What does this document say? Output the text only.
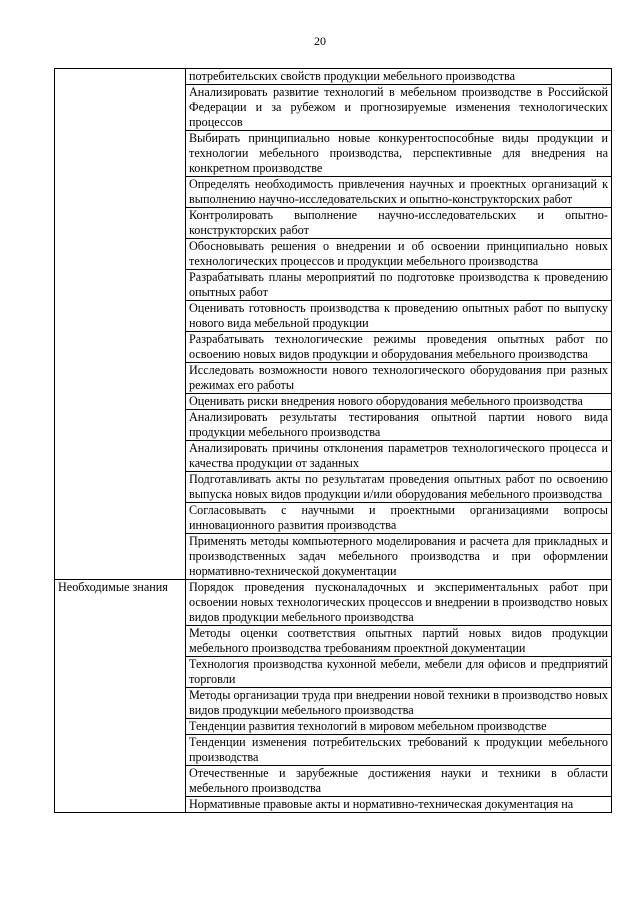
20
	потребительских свойств продукции мебельного производства
	Анализировать развитие технологий в мебельном производстве в Российской Федерации и за рубежом и прогнозируемые изменения технологических процессов
	Выбирать принципиально новые конкурентоспособные виды продукции и технологии мебельного производства, перспективные для внедрения на конкретном производстве
	Определять необходимость привлечения научных и проектных организаций к выполнению научно-исследовательских и опытно-конструкторских работ
	Контролировать выполнение научно-исследовательских и опытно-конструкторских работ
	Обосновывать решения о внедрении и об освоении принципиально новых технологических процессов и продукции мебельного производства
	Разрабатывать планы мероприятий по подготовке производства к проведению опытных работ
	Оценивать готовность производства к проведению опытных работ по выпуску нового вида мебельной продукции
	Разрабатывать технологические режимы проведения опытных работ по освоению новых видов продукции и оборудования мебельного производства
	Исследовать возможности нового технологического оборудования при разных режимах его работы
	Оценивать риски внедрения нового оборудования мебельного производства
	Анализировать результаты тестирования опытной партии нового вида продукции мебельного производства
	Анализировать причины отклонения параметров технологического процесса и качества продукции от заданных
	Подготавливать акты по результатам проведения опытных работ по освоению выпуска новых видов продукции и/или оборудования мебельного производства
	Согласовывать с научными и проектными организациями вопросы инновационного развития производства
	Применять методы компьютерного моделирования и расчета для прикладных и производственных задач мебельного производства и при оформлении нормативно-технической документации

Необходимые знания	Порядок проведения пусконаладочных и экспериментальных работ при освоении новых технологических процессов и внедрении в производство новых видов продукции мебельного производства
	Методы оценки соответствия опытных партий новых видов продукции мебельного производства требованиям проектной документации
	Технология производства кухонной мебели, мебели для офисов и предприятий торговли
	Методы организации труда при внедрении новой техники в производство новых видов продукции мебельного производства
	Тенденции развития технологий в мировом мебельном производстве
	Тенденции изменения потребительских требований к продукции мебельного производства
	Отечественные и зарубежные достижения науки и техники в области мебельного производства
	Нормативные правовые акты и нормативно-техническая документация на
